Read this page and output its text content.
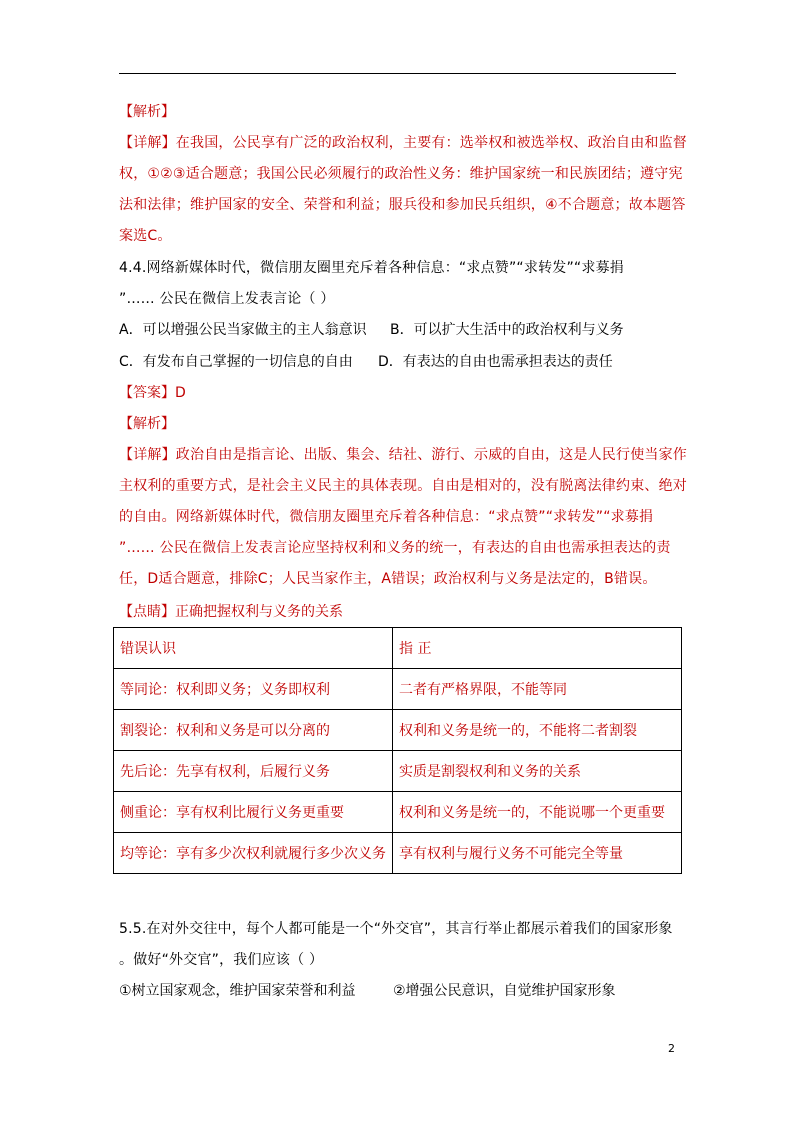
【解析】

【详解】在我国，公民享有广泛的政治权利，主要有：选举权和被选举权、政治自由和监督

权，①②③适合题意；我国公民必须履行的政治性义务：维护国家统一和民族团结；遵守宪

法和法律；维护国家的安全、荣誉和利益；服兵役和参加民兵组织，④不合题意；故本题答

案选C。

4.4.网络新媒体时代，微信朋友圈里充斥着各种信息：“求点赞”“求转发”“求募捐

”…… 公民在微信上发表言论（ ）

A．可以增强公民当家做主的主人翁意识 B．可以扩大生活中的政治权利与义务
C．有发布自己掌握的一切信息的自由 D．有表达的自由也需承担表达的责任
【答案】D
【解析】

【详解】政治自由是指言论、出版、集会、结社、游行、示威的自由，这是人民行使当家作

主权利的重要方式，是社会主义民主的具体表现。自由是相对的，没有脱离法律约束、绝对

的自由。网络新媒体时代，微信朋友圈里充斥着各种信息：“求点赞”“求转发”“求募捐

”…… 公民在微信上发表言论应坚持权利和义务的统一，有表达的自由也需承担表达的责

任，D适合题意，排除C；人民当家作主，A错误；政治权利与义务是法定的，B错误。

【点睛】正确把握权利与义务的关系
错误认识	指 正
等同论：权利即义务；义务即权利	二者有严格界限，不能等同
割裂论：权利和义务是可以分离的	权利和义务是统一的，不能将二者割裂
先后论：先享有权利，后履行义务	实质是割裂权利和义务的关系
侧重论：享有权利比履行义务更重要	权利和义务是统一的，不能说哪一个更重要
均等论：享有多少次权利就履行多少次义务	享有权利与履行义务不可能完全等量

5.5.在对外交往中，每个人都可能是一个“外交官”，其言行举止都展示着我们的国家形象

。做好“外交官”，我们应该（ ）

①树立国家观念，维护国家荣誉和利益	②增强公民意识，自觉维护国家形象
2
